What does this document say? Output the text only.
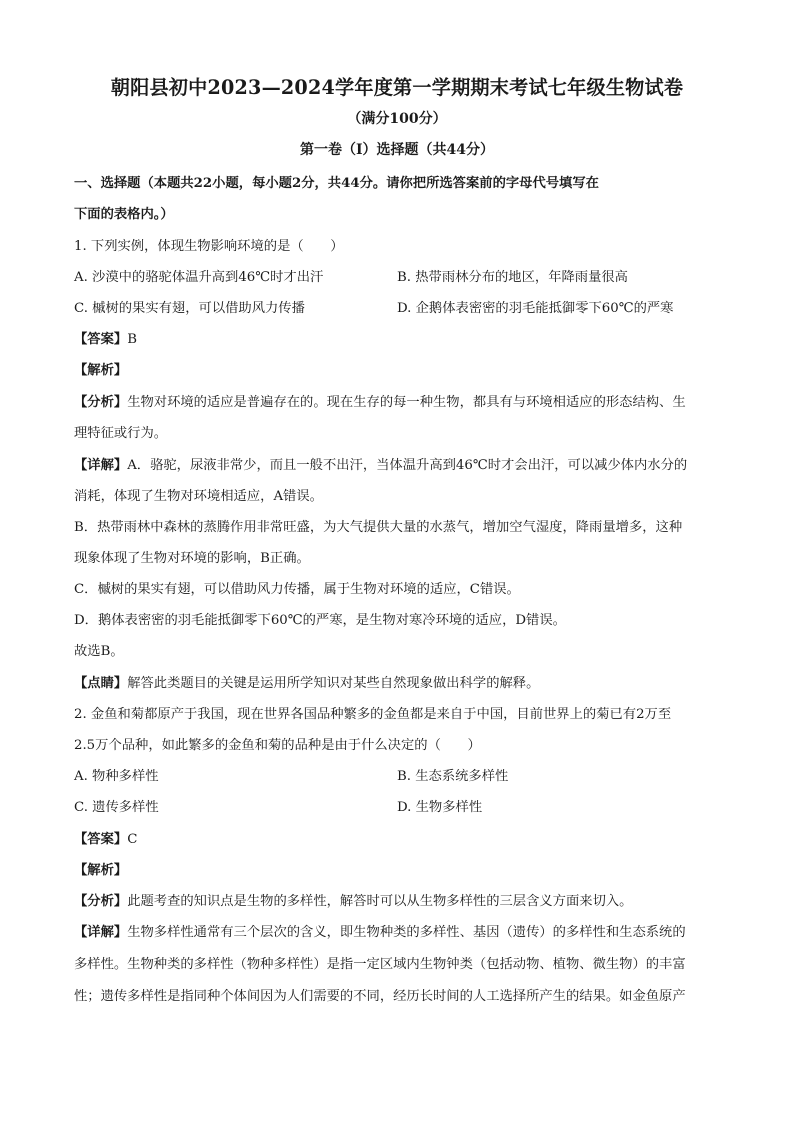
朝阳县初中2023—2024学年度第一学期期末考试七年级生物试卷
（满分100分）
第一卷（I）选择题（共44分）
一、选择题（本题共22小题，每小题2分，共44分。请你把所选答案前的字母代号填写在
下面的表格内。）
1. 下列实例，体现生物影响环境的是（　　）
A. 沙漠中的骆驼体温升高到46℃时才出汗	B. 热带雨林分布的地区，年降雨量很高
C. 槭树的果实有翅，可以借助风力传播	D. 企鹅体表密密的羽毛能抵御零下60℃的严寒
【答案】B
【解析】
【分析】生物对环境的适应是普遍存在的。现在生存的每一种生物，都具有与环境相适应的形态结构、生
理特征或行为。
【详解】A．骆驼，尿液非常少，而且一般不出汗，当体温升高到46℃时才会出汗，可以减少体内水分的
消耗，体现了生物对环境相适应，A错误。
B．热带雨林中森林的蒸腾作用非常旺盛，为大气提供大量的水蒸气，增加空气湿度，降雨量增多，这种
现象体现了生物对环境的影响，B正确。
C．槭树的果实有翅，可以借助风力传播，属于生物对环境的适应，C错误。
D．鹅体表密密的羽毛能抵御零下60℃的严寒，是生物对寒冷环境的适应，D错误。
故选B。
【点睛】解答此类题目的关键是运用所学知识对某些自然现象做出科学的解释。
2. 金鱼和菊都原产于我国，现在世界各国品种繁多的金鱼都是来自于中国，目前世界上的菊已有2万至
2.5万个品种，如此繁多的金鱼和菊的品种是由于什么决定的（　　）
A. 物种多样性	B. 生态系统多样性
C. 遗传多样性	D. 生物多样性
【答案】C
【解析】
【分析】此题考查的知识点是生物的多样性，解答时可以从生物多样性的三层含义方面来切入。
【详解】生物多样性通常有三个层次的含义，即生物种类的多样性、基因（遗传）的多样性和生态系统的
多样性。生物种类的多样性（物种多样性）是指一定区域内生物钟类（包括动物、植物、微生物）的丰富
性；遗传多样性是指同种个体间因为人们需要的不同，经历长时间的人工选择所产生的结果。如金鱼原产
